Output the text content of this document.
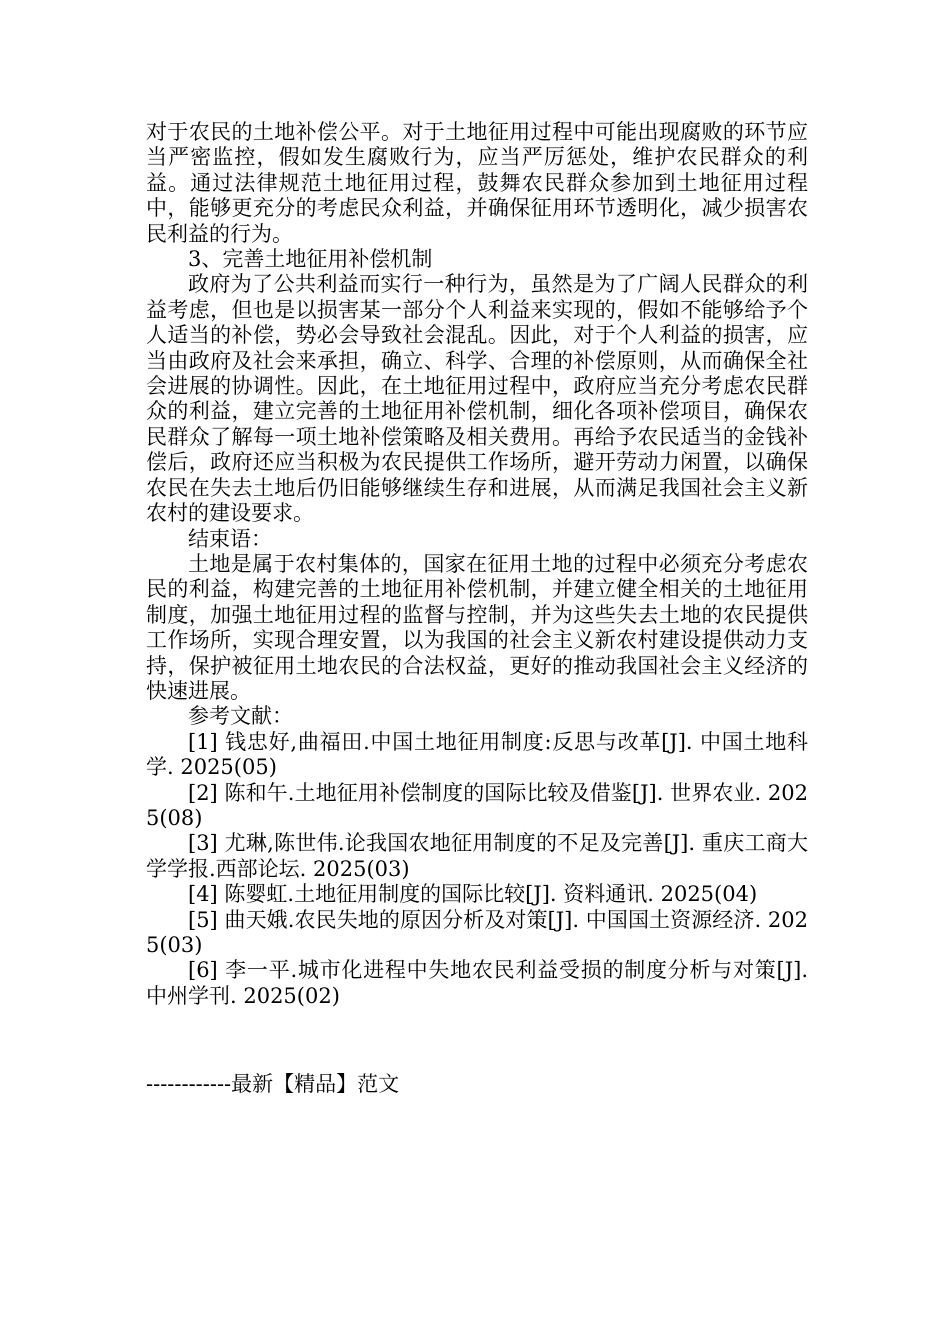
对于农民的土地补偿公平。对于土地征用过程中可能出现腐败的环节应当严密监控，假如发生腐败行为，应当严厉惩处，维护农民群众的利益。通过法律规范土地征用过程，鼓舞农民群众参加到土地征用过程中，能够更充分的考虑民众利益，并确保征用环节透明化，减少损害农民利益的行为。

3、完善土地征用补偿机制

政府为了公共利益而实行一种行为，虽然是为了广阔人民群众的利益考虑，但也是以损害某一部分个人利益来实现的，假如不能够给予个人适当的补偿，势必会导致社会混乱。因此，对于个人利益的损害，应当由政府及社会来承担，确立、科学、合理的补偿原则，从而确保全社会进展的协调性。因此，在土地征用过程中，政府应当充分考虑农民群众的利益，建立完善的土地征用补偿机制，细化各项补偿项目，确保农民群众了解每一项土地补偿策略及相关费用。再给予农民适当的金钱补偿后，政府还应当积极为农民提供工作场所，避开劳动力闲置，以确保农民在失去土地后仍旧能够继续生存和进展，从而满足我国社会主义新农村的建设要求。

结束语：

土地是属于农村集体的，国家在征用土地的过程中必须充分考虑农民的利益，构建完善的土地征用补偿机制，并建立健全相关的土地征用制度，加强土地征用过程的监督与控制，并为这些失去土地的农民提供工作场所，实现合理安置，以为我国的社会主义新农村建设提供动力支持，保护被征用土地农民的合法权益，更好的推动我国社会主义经济的快速进展。

参考文献：

[1] 钱忠好,曲福田.中国土地征用制度:反思与改革[J]. 中国土地科学. 2025(05)

[2] 陈和午.土地征用补偿制度的国际比较及借鉴[J]. 世界农业. 2025(08)

[3] 尤琳,陈世伟.论我国农地征用制度的不足及完善[J]. 重庆工商大学学报.西部论坛. 2025(03)

[4] 陈婴虹.土地征用制度的国际比较[J]. 资料通讯. 2025(04)

[5] 曲天娥.农民失地的原因分析及对策[J]. 中国国土资源经济. 2025(03)

[6] 李一平.城市化进程中失地农民利益受损的制度分析与对策[J]. 中州学刊. 2025(02)

------------最新【精品】范文
